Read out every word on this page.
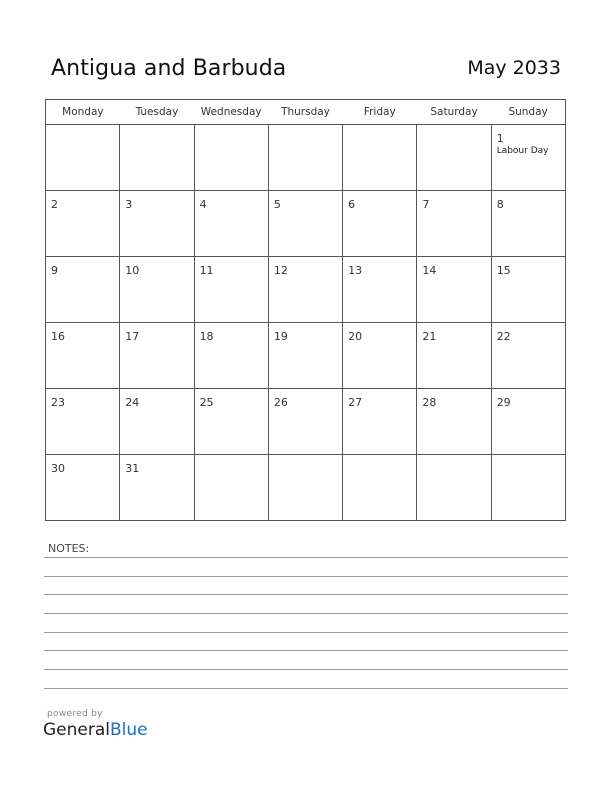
Antigua and Barbuda	May 2033
Monday	Tuesday	Wednesday	Thursday	Friday	Saturday	Sunday

						1
Labour Day

2	3	4	5	6	7	8

9	10	11	12	13	14	15

16	17	18	19	20	21	22

23	24	25	26	27	28	29

30	31					

NOTES:
powered by
GeneralBlue
